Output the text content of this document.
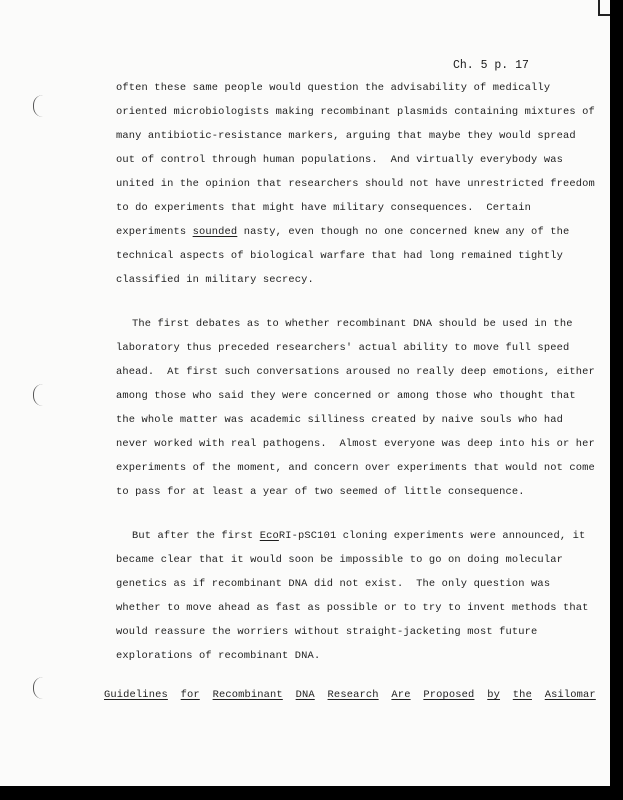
Ch. 5 p. 17
often these same people would question the advisability of medically
oriented microbiologists making recombinant plasmids containing mixtures of
many antibiotic-resistance markers, arguing that maybe they would spread
out of control through human populations.  And virtually everybody was
united in the opinion that researchers should not have unrestricted freedom
to do experiments that might have military consequences.  Certain
experiments sounded nasty, even though no one concerned knew any of the
technical aspects of biological warfare that had long remained tightly
classified in military secrecy.
The first debates as to whether recombinant DNA should be used in the
laboratory thus preceded researchers' actual ability to move full speed
ahead.  At first such conversations aroused no really deep emotions, either
among those who said they were concerned or among those who thought that
the whole matter was academic silliness created by naive souls who had
never worked with real pathogens.  Almost everyone was deep into his or her
experiments of the moment, and concern over experiments that would not come
to pass for at least a year of two seemed of little consequence.
But after the first EcoRI-pSC101 cloning experiments were announced, it
became clear that it would soon be impossible to go on doing molecular
genetics as if recombinant DNA did not exist.  The only question was
whether to move ahead as fast as possible or to try to invent methods that
would reassure the worriers without straight-jacketing most future
explorations of recombinant DNA.
Guidelines for Recombinant DNA Research Are Proposed by the Asilomar
